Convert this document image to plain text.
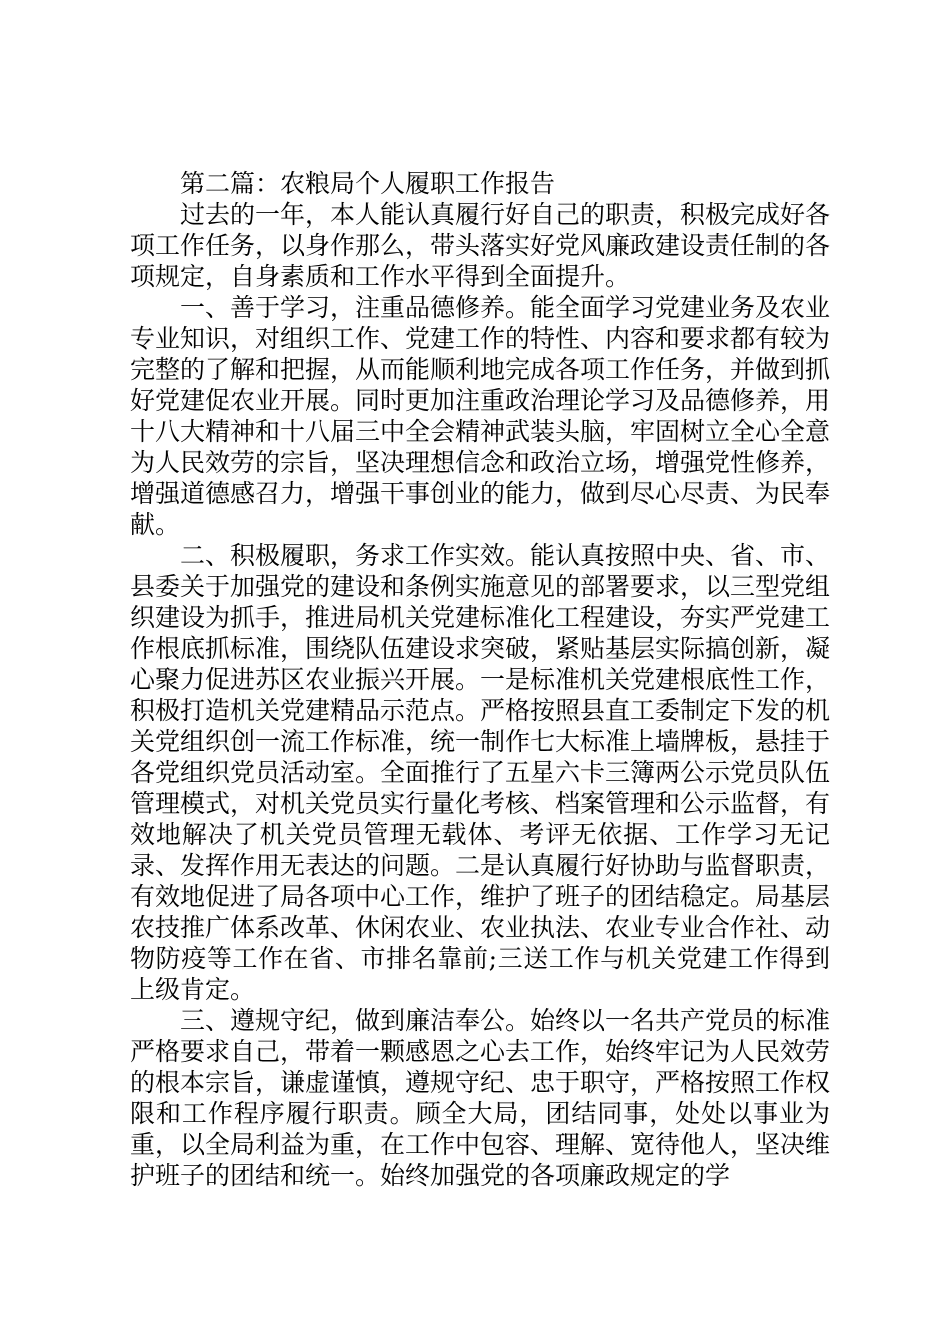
第二篇：农粮局个人履职工作报告

过去的一年，本人能认真履行好自己的职责，积极完成好各项工作任务，以身作那么，带头落实好党风廉政建设责任制的各项规定，自身素质和工作水平得到全面提升。

一、善于学习，注重品德修养。能全面学习党建业务及农业专业知识，对组织工作、党建工作的特性、内容和要求都有较为完整的了解和把握，从而能顺利地完成各项工作任务，并做到抓好党建促农业开展。同时更加注重政治理论学习及品德修养，用十八大精神和十八届三中全会精神武装头脑，牢固树立全心全意为人民效劳的宗旨，坚决理想信念和政治立场，增强党性修养，增强道德感召力，增强干事创业的能力，做到尽心尽责、为民奉献。

二、积极履职，务求工作实效。能认真按照中央、省、市、县委关于加强党的建设和条例实施意见的部署要求，以三型党组织建设为抓手，推进局机关党建标准化工程建设，夯实严党建工作根底抓标准，围绕队伍建设求突破，紧贴基层实际搞创新，凝心聚力促进苏区农业振兴开展。一是标准机关党建根底性工作，积极打造机关党建精品示范点。严格按照县直工委制定下发的机关党组织创一流工作标准，统一制作七大标准上墙牌板，悬挂于各党组织党员活动室。全面推行了五星六卡三簿两公示党员队伍管理模式，对机关党员实行量化考核、档案管理和公示监督，有效地解决了机关党员管理无载体、考评无依据、工作学习无记录、发挥作用无表达的问题。二是认真履行好协助与监督职责，有效地促进了局各项中心工作，维护了班子的团结稳定。局基层农技推广体系改革、休闲农业、农业执法、农业专业合作社、动物防疫等工作在省、市排名靠前;三送工作与机关党建工作得到上级肯定。

三、遵规守纪，做到廉洁奉公。始终以一名共产党员的标准严格要求自己，带着一颗感恩之心去工作，始终牢记为人民效劳的根本宗旨，谦虚谨慎，遵规守纪、忠于职守，严格按照工作权限和工作程序履行职责。顾全大局，团结同事，处处以事业为重，以全局利益为重，在工作中包容、理解、宽待他人，坚决维护班子的团结和统一。始终加强党的各项廉政规定的学
